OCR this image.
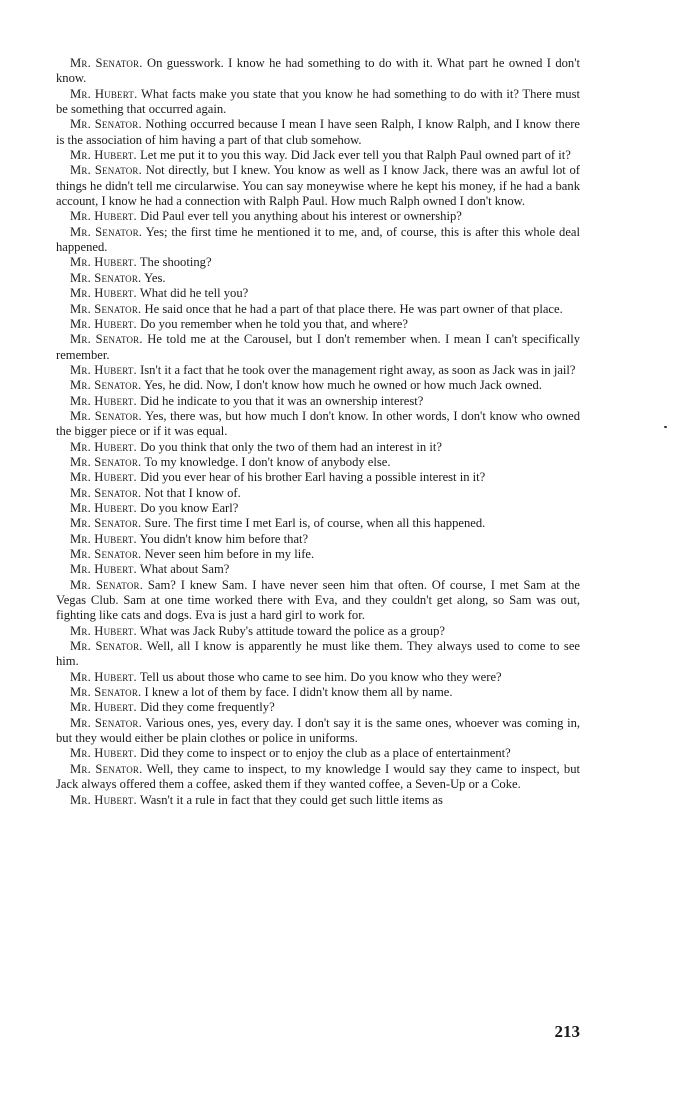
Mr. Senator. On guesswork. I know he had something to do with it. What part he owned I don't know.

Mr. Hubert. What facts make you state that you know he had something to do with it? There must be something that occurred again.

Mr. Senator. Nothing occurred because I mean I have seen Ralph, I know Ralph, and I know there is the association of him having a part of that club somehow.

Mr. Hubert. Let me put it to you this way. Did Jack ever tell you that Ralph Paul owned part of it?

Mr. Senator. Not directly, but I knew. You know as well as I know Jack, there was an awful lot of things he didn't tell me circularwise. You can say moneywise where he kept his money, if he had a bank account, I know he had a connection with Ralph Paul. How much Ralph owned I don't know.

Mr. Hubert. Did Paul ever tell you anything about his interest or ownership?

Mr. Senator. Yes; the first time he mentioned it to me, and, of course, this is after this whole deal happened.

Mr. Hubert. The shooting?

Mr. Senator. Yes.

Mr. Hubert. What did he tell you?

Mr. Senator. He said once that he had a part of that place there. He was part owner of that place.

Mr. Hubert. Do you remember when he told you that, and where?

Mr. Senator. He told me at the Carousel, but I don't remember when. I mean I can't specifically remember.

Mr. Hubert. Isn't it a fact that he took over the management right away, as soon as Jack was in jail?

Mr. Senator. Yes, he did. Now, I don't know how much he owned or how much Jack owned.

Mr. Hubert. Did he indicate to you that it was an ownership interest?

Mr. Senator. Yes, there was, but how much I don't know. In other words, I don't know who owned the bigger piece or if it was equal.

Mr. Hubert. Do you think that only the two of them had an interest in it?

Mr. Senator. To my knowledge. I don't know of anybody else.

Mr. Hubert. Did you ever hear of his brother Earl having a possible interest in it?

Mr. Senator. Not that I know of.

Mr. Hubert. Do you know Earl?

Mr. Senator. Sure. The first time I met Earl is, of course, when all this happened.

Mr. Hubert. You didn't know him before that?

Mr. Senator. Never seen him before in my life.

Mr. Hubert. What about Sam?

Mr. Senator. Sam? I knew Sam. I have never seen him that often. Of course, I met Sam at the Vegas Club. Sam at one time worked there with Eva, and they couldn't get along, so Sam was out, fighting like cats and dogs. Eva is just a hard girl to work for.

Mr. Hubert. What was Jack Ruby's attitude toward the police as a group?

Mr. Senator. Well, all I know is apparently he must like them. They always used to come to see him.

Mr. Hubert. Tell us about those who came to see him. Do you know who they were?

Mr. Senator. I knew a lot of them by face. I didn't know them all by name.

Mr. Hubert. Did they come frequently?

Mr. Senator. Various ones, yes, every day. I don't say it is the same ones, whoever was coming in, but they would either be plain clothes or police in uniforms.

Mr. Hubert. Did they come to inspect or to enjoy the club as a place of entertainment?

Mr. Senator. Well, they came to inspect, to my knowledge I would say they came to inspect, but Jack always offered them a coffee, asked them if they wanted coffee, a Seven-Up or a Coke.

Mr. Hubert. Wasn't it a rule in fact that they could get such little items as

213
